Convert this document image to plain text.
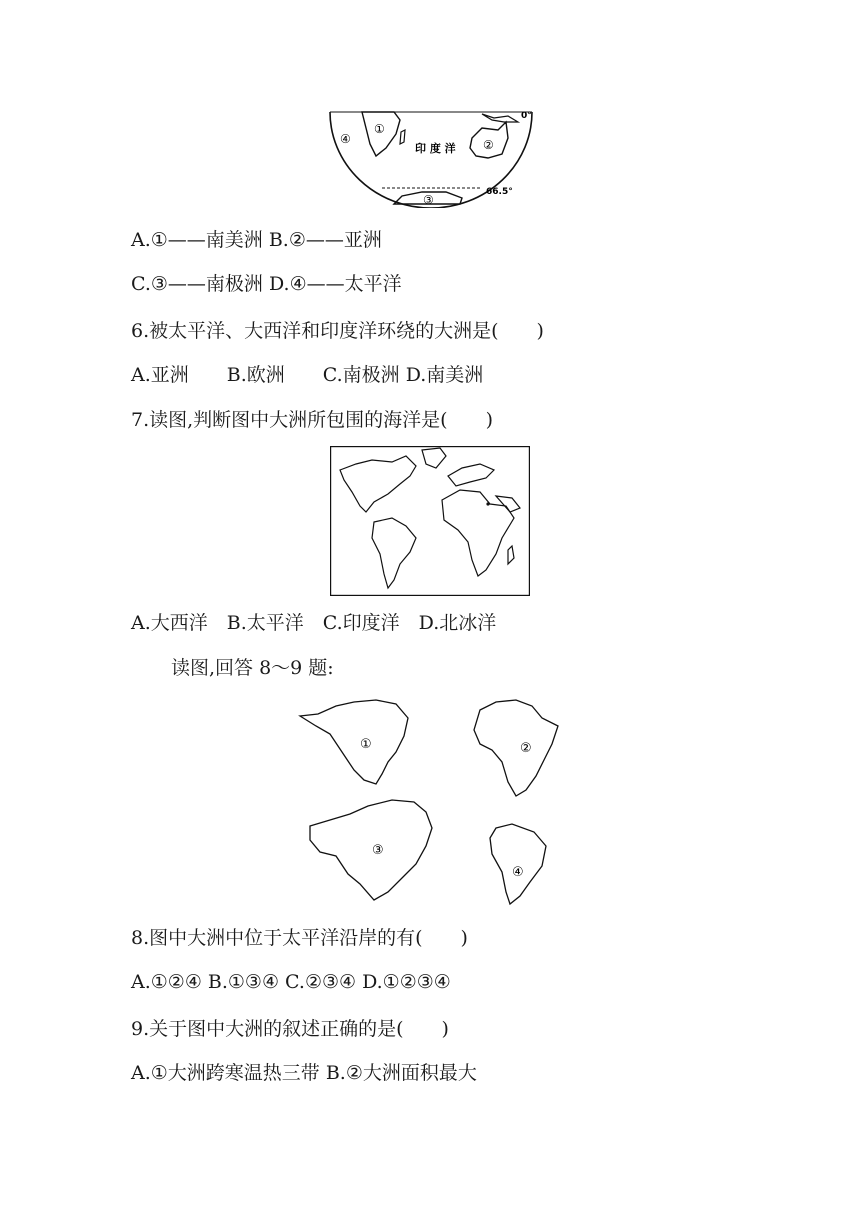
①
②
③
④
印 度 洋
0°
66.5°
A.①——南美洲 B.②——亚洲
C.③——南极洲 D.④——太平洋
6.被太平洋、大西洋和印度洋环绕的大洲是(　　)
A.亚洲　　B.欧洲　　C.南极洲 D.南美洲
7.读图,判断图中大洲所包围的海洋是(　　)
A.大西洋　B.太平洋　C.印度洋　D.北冰洋
读图,回答 8～9 题:
①	②
③
④
8.图中大洲中位于太平洋沿岸的有(　　)
A.①②④ B.①③④ C.②③④ D.①②③④
9.关于图中大洲的叙述正确的是(　　)
A.①大洲跨寒温热三带 B.②大洲面积最大
